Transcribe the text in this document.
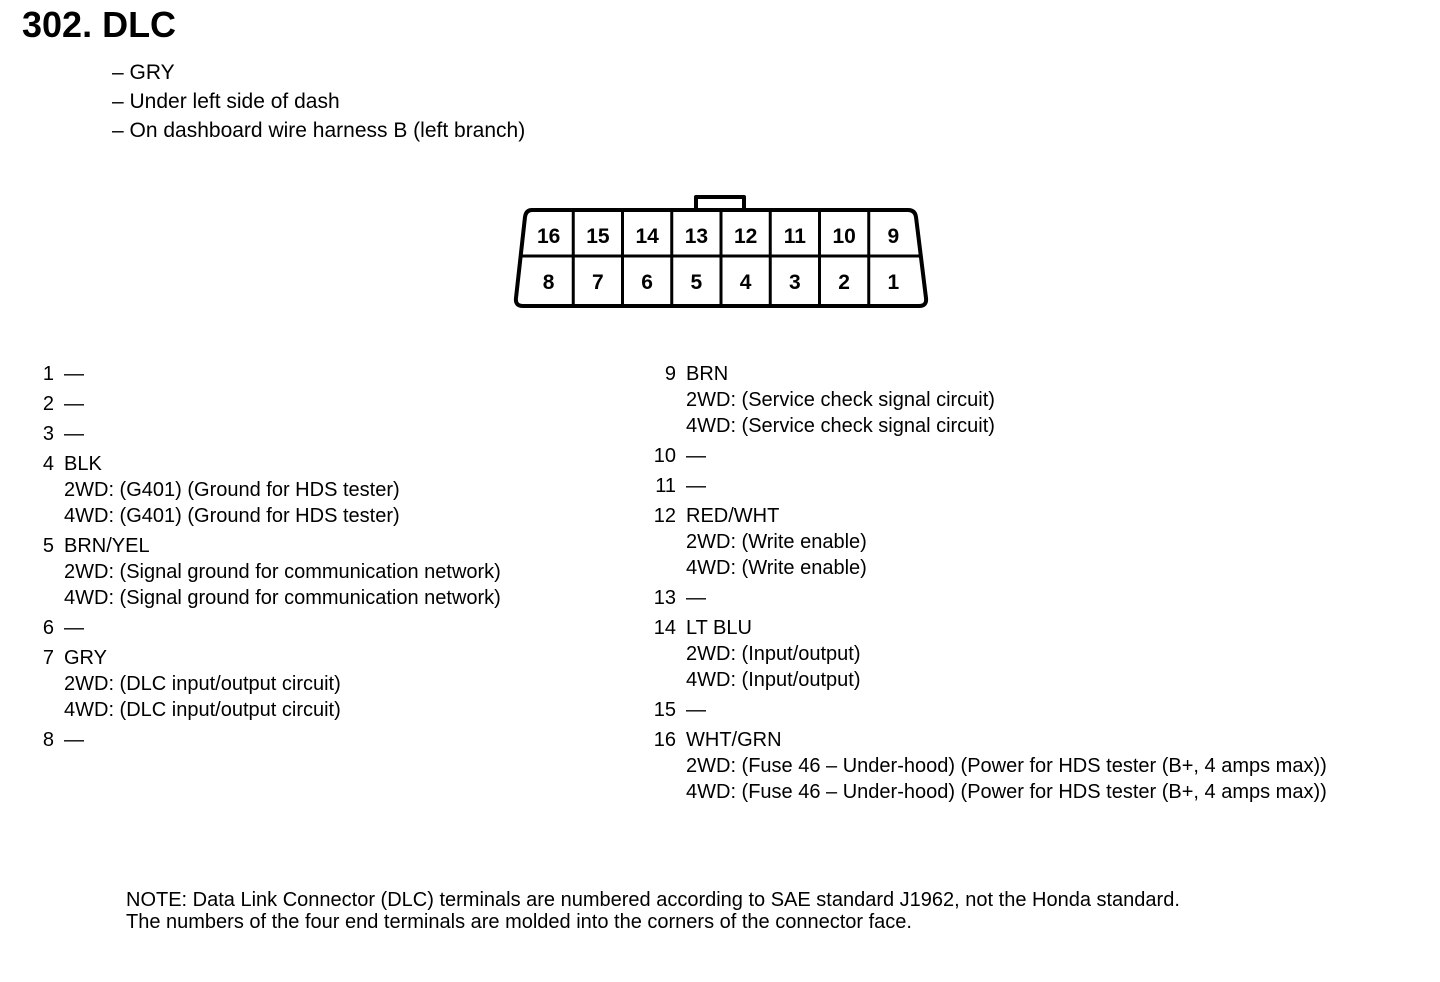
302. DLC
– GRY
– Under left side of dash
– On dashboard wire harness B (left branch)
16 15 14 13 12 11 10 9
8 7 6 5 4 3 2 1
1 —
2 —
3 —
4 BLK
2WD: (G401) (Ground for HDS tester)
4WD: (G401) (Ground for HDS tester)
5 BRN/YEL
2WD: (Signal ground for communication network)
4WD: (Signal ground for communication network)
6 —
7 GRY
2WD: (DLC input/output circuit)
4WD: (DLC input/output circuit)
8 —
9 BRN
2WD: (Service check signal circuit)
4WD: (Service check signal circuit)
10 —
11 —
12 RED/WHT
2WD: (Write enable)
4WD: (Write enable)
13 —
14 LT BLU
2WD: (Input/output)
4WD: (Input/output)
15 —
16 WHT/GRN
2WD: (Fuse 46 – Under-hood) (Power for HDS tester (B+, 4 amps max))
4WD: (Fuse 46 – Under-hood) (Power for HDS tester (B+, 4 amps max))
NOTE: Data Link Connector (DLC) terminals are numbered according to SAE standard J1962, not the Honda standard.
The numbers of the four end terminals are molded into the corners of the connector face.
